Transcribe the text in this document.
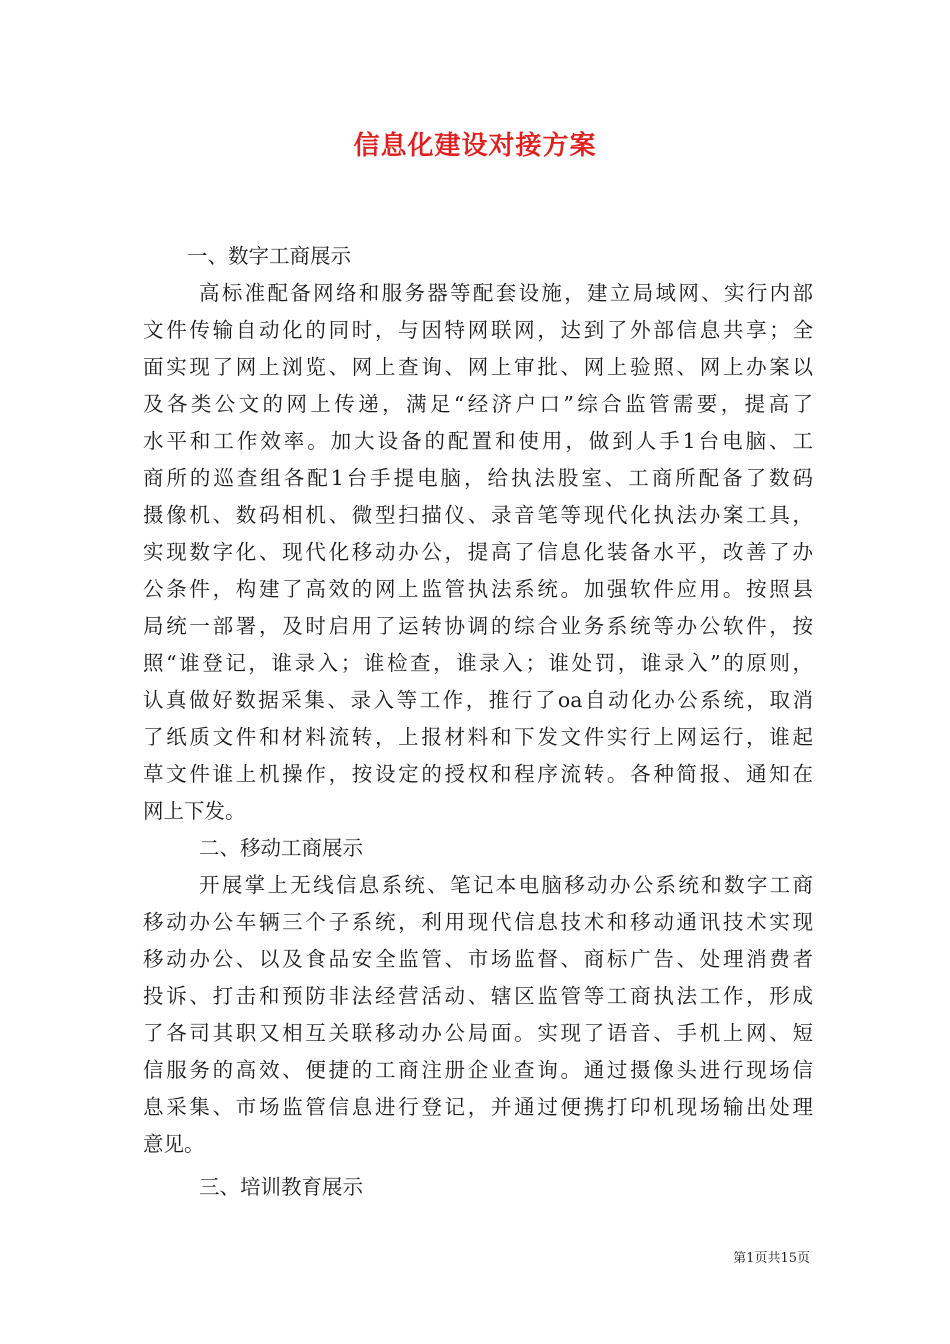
信息化建设对接方案
一、数字工商展示
高标准配备网络和服务器等配套设施，建立局域网、实行内部
文件传输自动化的同时，与因特网联网，达到了外部信息共享；全
面实现了网上浏览、网上查询、网上审批、网上验照、网上办案以
及各类公文的网上传递，满足“经济户口”综合监管需要，提高了
水平和工作效率。加大设备的配置和使用，做到人手1台电脑、工
商所的巡查组各配1台手提电脑，给执法股室、工商所配备了数码
摄像机、数码相机、微型扫描仪、录音笔等现代化执法办案工具，
实现数字化、现代化移动办公，提高了信息化装备水平，改善了办
公条件，构建了高效的网上监管执法系统。加强软件应用。按照县
局统一部署，及时启用了运转协调的综合业务系统等办公软件，按
照“谁登记，谁录入；谁检查，谁录入；谁处罚，谁录入”的原则，
认真做好数据采集、录入等工作，推行了oa自动化办公系统，取消
了纸质文件和材料流转，上报材料和下发文件实行上网运行，谁起
草文件谁上机操作，按设定的授权和程序流转。各种简报、通知在
网上下发。
二、移动工商展示
开展掌上无线信息系统、笔记本电脑移动办公系统和数字工商
移动办公车辆三个子系统，利用现代信息技术和移动通讯技术实现
移动办公、以及食品安全监管、市场监督、商标广告、处理消费者
投诉、打击和预防非法经营活动、辖区监管等工商执法工作，形成
了各司其职又相互关联移动办公局面。实现了语音、手机上网、短
信服务的高效、便捷的工商注册企业查询。通过摄像头进行现场信
息采集、市场监管信息进行登记，并通过便携打印机现场输出处理
意见。
三、培训教育展示
第1页共15页
